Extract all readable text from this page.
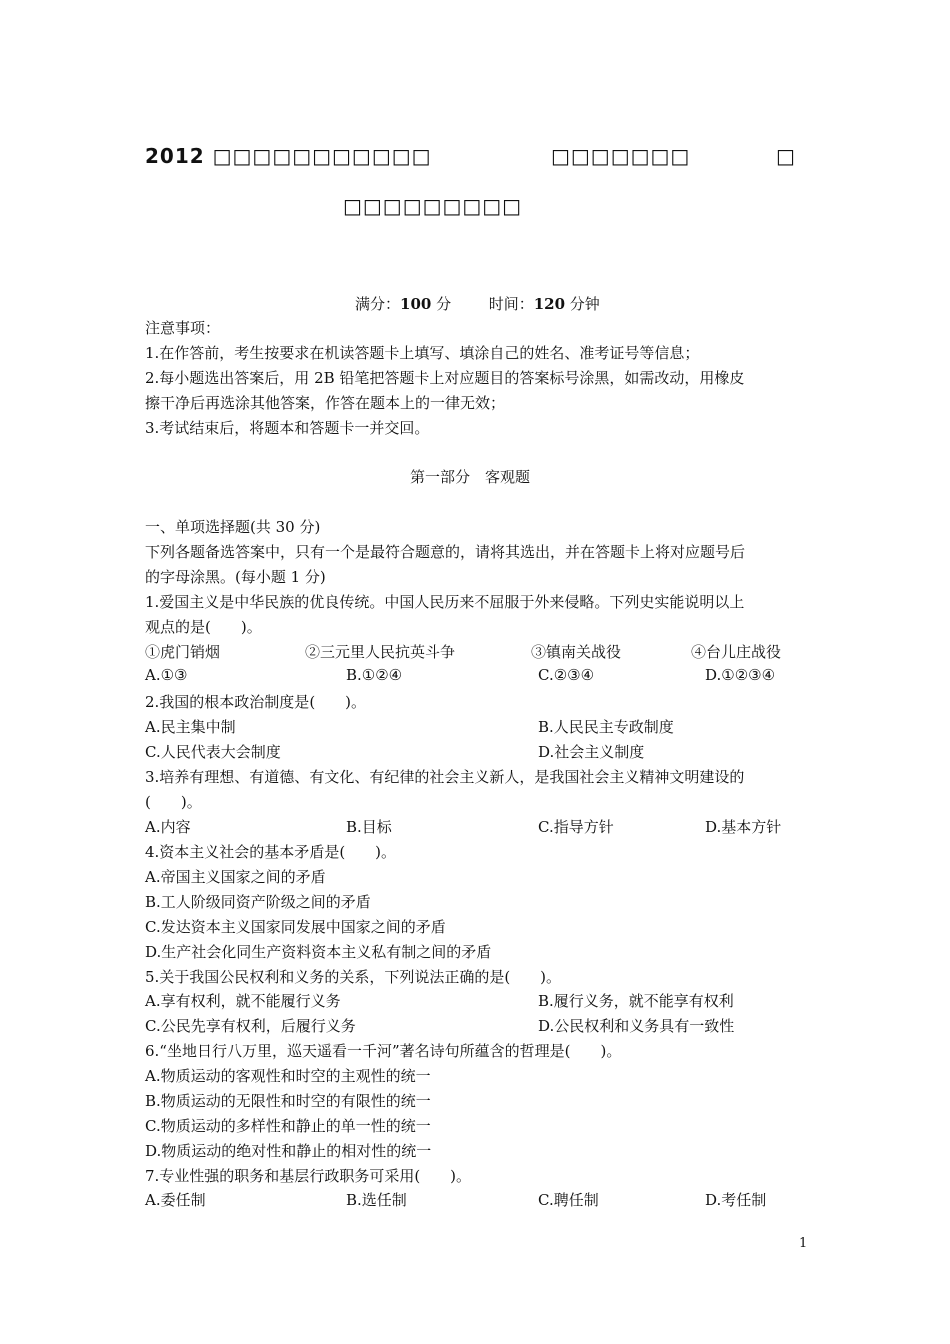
2012 □□□□□□□□□□□	□□□□□□□	□
□□□□□□□□□
满分：100 分	时间：120 分钟
注意事项：
1.在作答前，考生按要求在机读答题卡上填写、填涂自己的姓名、准考证号等信息；
2.每小题选出答案后，用 2B 铅笔把答题卡上对应题目的答案标号涂黑，如需改动，用橡皮
擦干净后再选涂其他答案，作答在题本上的一律无效；
3.考试结束后，将题本和答题卡一并交回。
第一部分　客观题
一、单项选择题(共 30 分)
下列各题备选答案中，只有一个是最符合题意的，请将其选出，并在答题卡上将对应题号后
的字母涂黑。(每小题 1 分)
1.爱国主义是中华民族的优良传统。中国人民历来不屈服于外来侵略。下列史实能说明以上
观点的是(　　)。
①虎门销烟	②三元里人民抗英斗争	③镇南关战役	④台儿庄战役
A.①③	B.①②④	C.②③④	D.①②③④
2.我国的根本政治制度是(　　)。
A.民主集中制	B.人民民主专政制度
C.人民代表大会制度	D.社会主义制度
3.培养有理想、有道德、有文化、有纪律的社会主义新人，是我国社会主义精神文明建设的
(　　)。
A.内容	B.目标	C.指导方针	D.基本方针
4.资本主义社会的基本矛盾是(　　)。
A.帝国主义国家之间的矛盾
B.工人阶级同资产阶级之间的矛盾
C.发达资本主义国家同发展中国家之间的矛盾
D.生产社会化同生产资料资本主义私有制之间的矛盾
5.关于我国公民权利和义务的关系，下列说法正确的是(　　)。
A.享有权利，就不能履行义务	B.履行义务，就不能享有权利
C.公民先享有权利，后履行义务	D.公民权利和义务具有一致性
6.“坐地日行八万里，巡天遥看一千河”著名诗句所蕴含的哲理是(　　)。
A.物质运动的客观性和时空的主观性的统一
B.物质运动的无限性和时空的有限性的统一
C.物质运动的多样性和静止的单一性的统一
D.物质运动的绝对性和静止的相对性的统一
7.专业性强的职务和基层行政职务可采用(　　)。
A.委任制	B.选任制	C.聘任制	D.考任制
1
